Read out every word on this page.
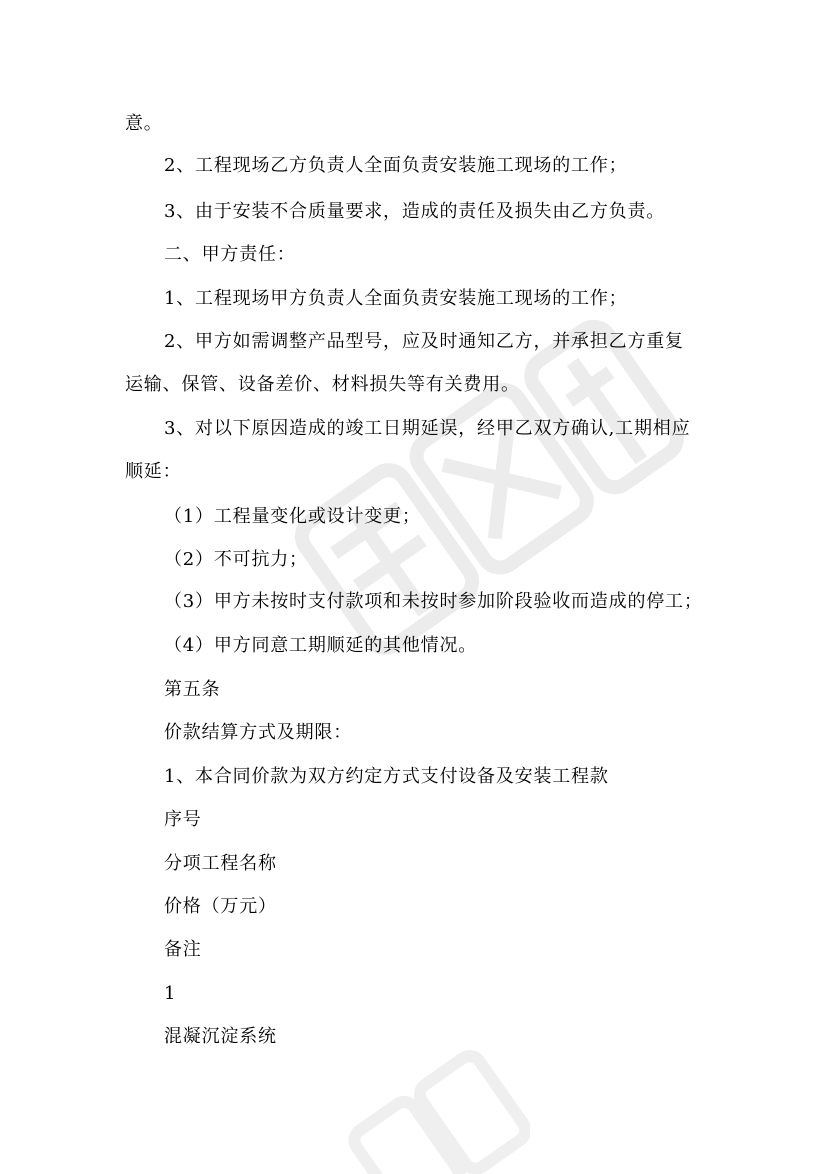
意。
2、工程现场乙方负责人全面负责安装施工现场的工作；
3、由于安装不合质量要求，造成的责任及损失由乙方负责。
二、甲方责任：
1、工程现场甲方负责人全面负责安装施工现场的工作；
2、甲方如需调整产品型号，应及时通知乙方，并承担乙方重复
运输、保管、设备差价、材料损失等有关费用。
3、对以下原因造成的竣工日期延误，经甲乙双方确认,工期相应
顺延：
（1）工程量变化或设计变更；
（2）不可抗力；
（3）甲方未按时支付款项和未按时参加阶段验收而造成的停工；
（4）甲方同意工期顺延的其他情况。
第五条
价款结算方式及期限：
1、本合同价款为双方约定方式支付设备及安装工程款
序号
分项工程名称
价格（万元）
备注
1
混凝沉淀系统
